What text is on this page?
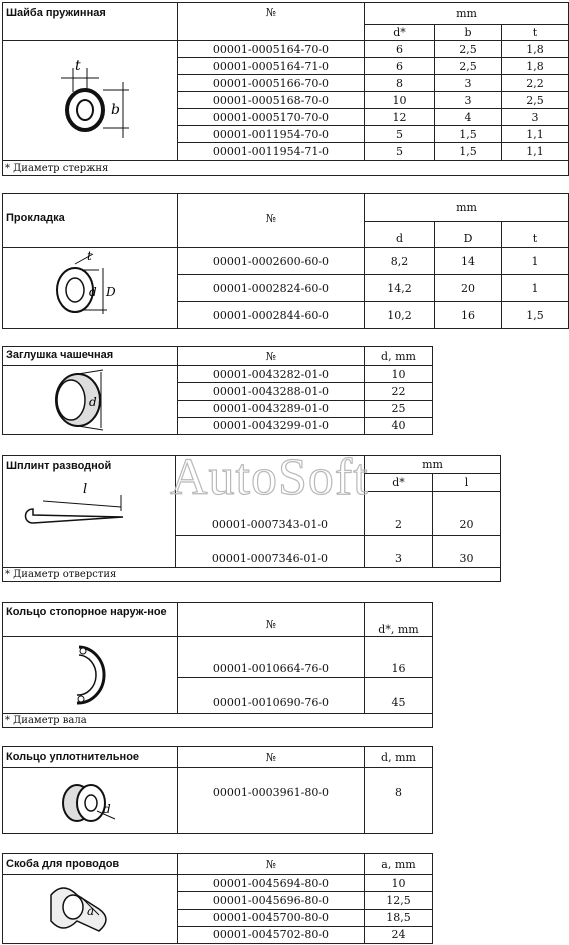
Шайба пружинная	№	mm		
		d*	b	t

t
b	00001-0005164-70-0	6	2,5	1,8
	00001-0005164-71-0	6	2,5	1,8
	00001-0005166-70-0	8	3	2,2
	00001-0005168-70-0	10	3	2,5
	00001-0005170-70-0	12	4	3
	00001-0011954-70-0	5	1,5	1,1
	00001-0011954-71-0	5	1,5	1,1
* Диаметр стержня				
Прокладка	№	mm		
		d	D	t

t
d D	00001-0002600-60-0	8,2	14	1
	00001-0002824-60-0	14,2	20	1
	00001-0002844-60-0	10,2	16	1,5
Заглушка чашечная	№	d, mm

d	00001-0043282-01-0	10
	00001-0043288-01-0	22
	00001-0043289-01-0	25
	00001-0043299-01-0	40
Шплинт разводной		mm	
		d*	l
	00001-0007343-01-0	2	20

l	00001-0007346-01-0	3	30
* Диаметр отверстия			
Кольцо стопорное наруж-ное	№	d*, mm

	00001-0010664-76-0	16
	00001-0010690-76-0	45
* Диаметр вала		
Кольцо уплотнительное	№	d, mm

d	00001-0003961-80-0	8
Скоба для проводов	№	a, mm

a	00001-0045694-80-0	10
	00001-0045696-80-0	12,5
	00001-0045700-80-0	18,5
	00001-0045702-80-0	24
AutoSoft
